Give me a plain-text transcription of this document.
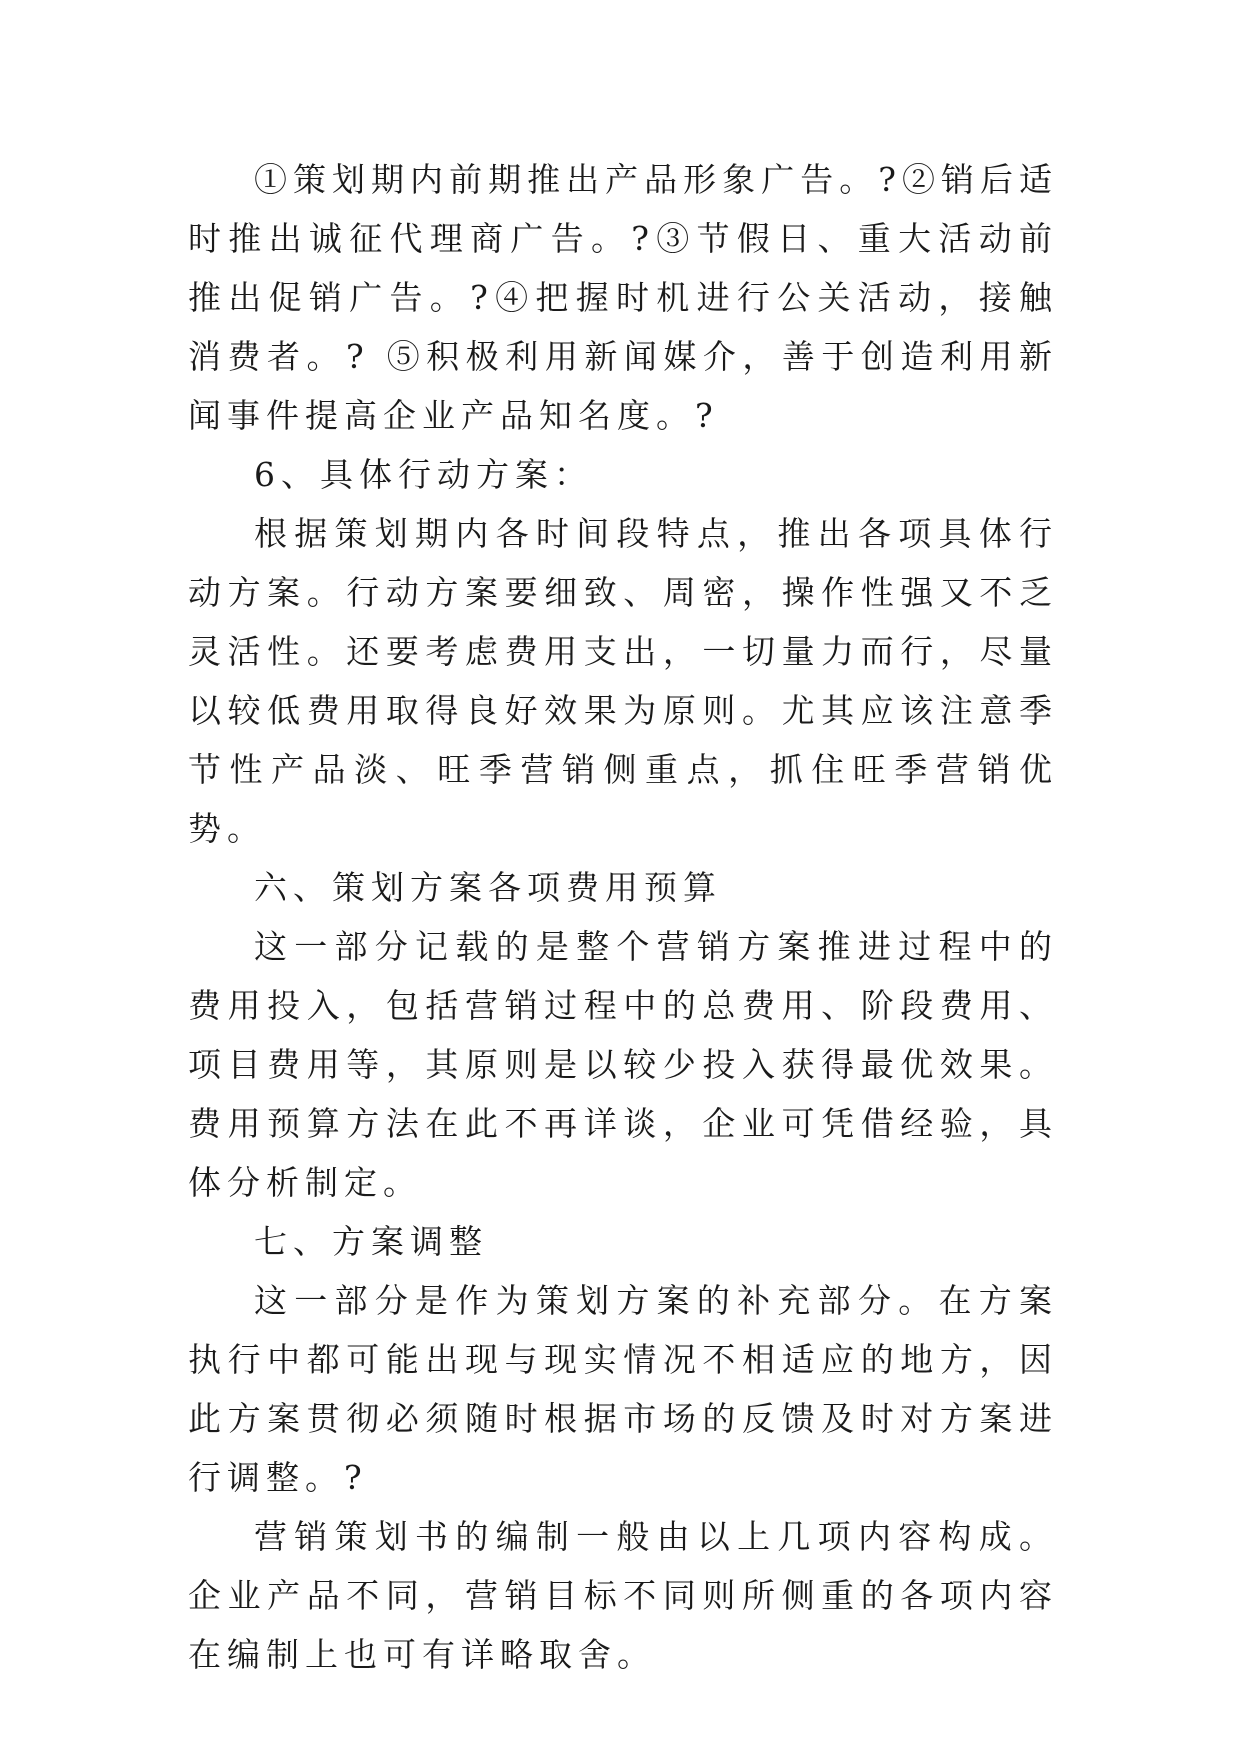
①策划期内前期推出产品形象广告。?②销后适时推出诚征代理商广告。?③节假日、重大活动前推出促销广告。?④把握时机进行公关活动，接触消费者。? ⑤积极利用新闻媒介，善于创造利用新闻事件提高企业产品知名度。?

6、具体行动方案：

根据策划期内各时间段特点，推出各项具体行动方案。行动方案要细致、周密，操作性强又不乏灵活性。还要考虑费用支出，一切量力而行，尽量以较低费用取得良好效果为原则。尤其应该注意季节性产品淡、旺季营销侧重点，抓住旺季营销优势。

六、策划方案各项费用预算

这一部分记载的是整个营销方案推进过程中的费用投入，包括营销过程中的总费用、阶段费用、项目费用等，其原则是以较少投入获得最优效果。费用预算方法在此不再详谈，企业可凭借经验，具体分析制定。

七、方案调整

这一部分是作为策划方案的补充部分。在方案执行中都可能出现与现实情况不相适应的地方，因此方案贯彻必须随时根据市场的反馈及时对方案进行调整。?

营销策划书的编制一般由以上几项内容构成。企业产品不同，营销目标不同则所侧重的各项内容在编制上也可有详略取舍。
